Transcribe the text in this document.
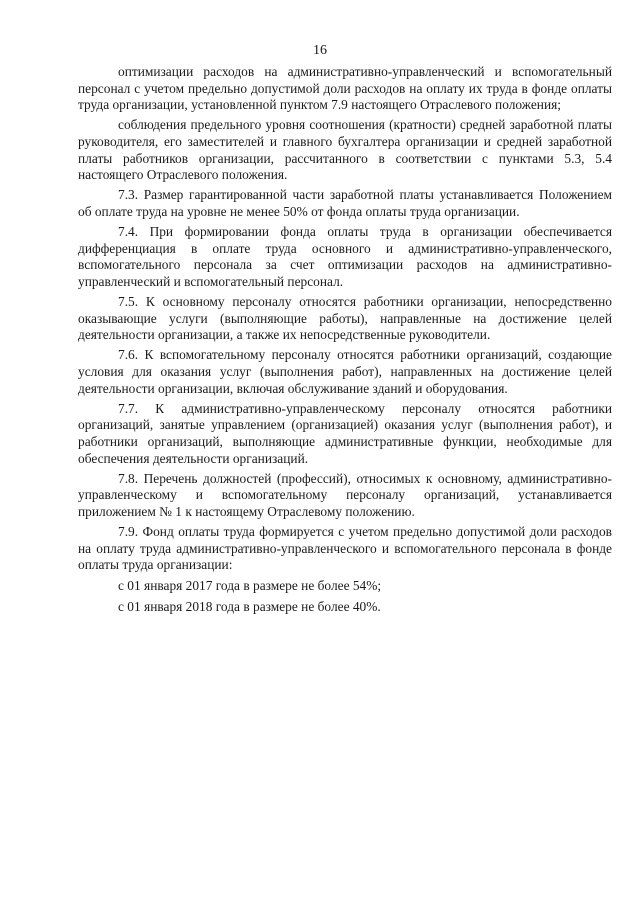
16

оптимизации расходов на административно-управленческий и вспомогательный персонал с учетом предельно допустимой доли расходов на оплату их труда в фонде оплаты труда организации, установленной пунктом 7.9 настоящего Отраслевого положения;

соблюдения предельного уровня соотношения (кратности) средней заработной платы руководителя, его заместителей и главного бухгалтера организации и средней заработной платы работников организации, рассчитанного в соответствии с пунктами 5.3, 5.4 настоящего Отраслевого положения.

7.3. Размер гарантированной части заработной платы устанавливается Положением об оплате труда на уровне не менее 50% от фонда оплаты труда организации.

7.4. При формировании фонда оплаты труда в организации обеспечивается дифференциация в оплате труда основного и административно-управленческого, вспомогательного персонала за счет оптимизации расходов на административно-управленческий и вспомогательный персонал.

7.5. К основному персоналу относятся работники организации, непосредственно оказывающие услуги (выполняющие работы), направленные на достижение целей деятельности организации, а также их непосредственные руководители.

7.6. К вспомогательному персоналу относятся работники организаций, создающие условия для оказания услуг (выполнения работ), направленных на достижение целей деятельности организации, включая обслуживание зданий и оборудования.

7.7. К административно-управленческому персоналу относятся работники организаций, занятые управлением (организацией) оказания услуг (выполнения работ), и работники организаций, выполняющие административные функции, необходимые для обеспечения деятельности организаций.

7.8. Перечень должностей (профессий), относимых к основному, административно-управленческому и вспомогательному персоналу организаций, устанавливается приложением № 1 к настоящему Отраслевому положению.

7.9. Фонд оплаты труда формируется с учетом предельно допустимой доли расходов на оплату труда административно-управленческого и вспомогательного персонала в фонде оплаты труда организации:

с 01 января 2017 года в размере не более 54%;

с 01 января 2018 года в размере не более 40%.
